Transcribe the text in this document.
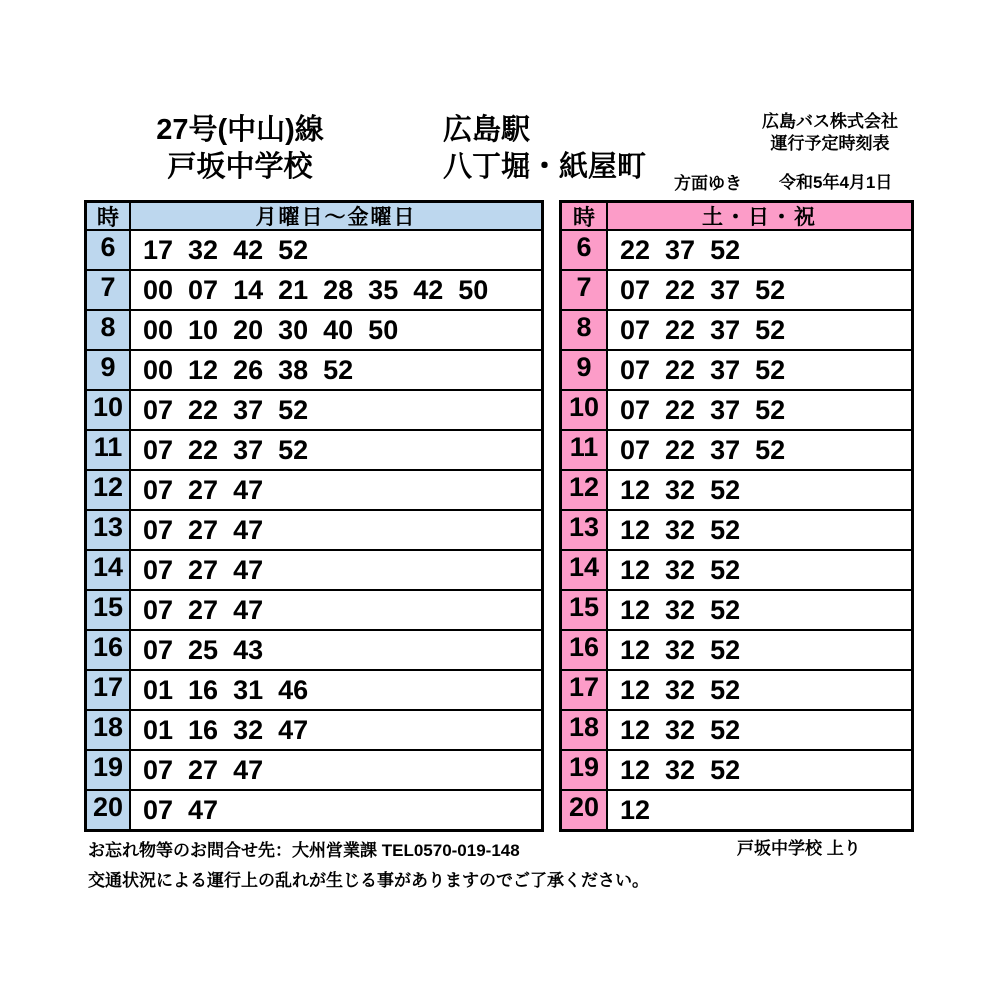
27号(中山)線
戸坂中学校
広島駅
八丁堀・紙屋町
広島バス株式会社
運行予定時刻表
方面ゆき 令和5年4月1日
時	月曜日～金曜日
6	17  32  42  52
7	00  07  14  21  28  35  42  50
8	00  10  20  30  40  50
9	00  12  26  38  52
10 07  22  37  52
11 07  22  37  52
12 07  27  47
13 07  27  47
14 07  27  47
15 07  27  47
16 07  25  43
17 01  16  31  46
18 01  16  32  47
19 07  27  47
20 07  47
時	土・日・祝
6	22  37  52
7	07  22  37  52
8	07  22  37  52
9	07  22  37  52
10 07  22  37  52
11 07  22  37  52
12 12  32  52
13 12  32  52
14 12  32  52
15 12  32  52
16 12  32  52
17 12  32  52
18 12  32  52
19 12  32  52
20 12
お忘れ物等のお問合せ先：大州営業課 TEL0570-019-148	戸坂中学校 上り
交通状況による運行上の乱れが生じる事がありますのでご了承ください。
